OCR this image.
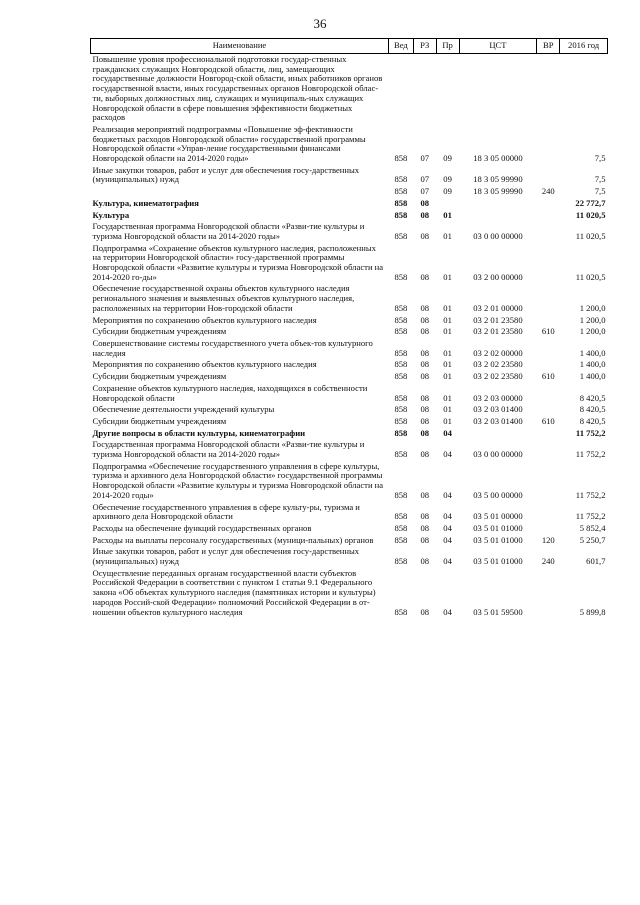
36
Наименование	Вед	РЗ	Пр	ЦСТ	ВР	2016 год
Повышение уровня профессиональной подготовки государ-ственных гражданских служащих Новгородской области, лиц, замещающих государственные должности Новгород-ской области, иных работников органов государственной власти, иных государственных органов Новгородской облас-ти, выборных должностных лиц, служащих и муниципаль-ных служащих Новгородской области в сфере повышения эффективности бюджетных расходов						
Реализация мероприятий подпрограммы «Повышение эф-фективности бюджетных расходов Новгородской области» государственной программы Новгородской области «Управ-ление государственными финансами Новгородской области на 2014-2020 годы»	858	07	09	18 3 05 00000		7,5
Иные закупки товаров, работ и услуг для обеспечения госу-дарственных (муниципальных) нужд	858	07	09	18 3 05 99990		7,5
	858	07	09	18 3 05 99990	240	7,5
Культура, кинематография	858	08				22 772,7
Культура	858	08	01			11 020,5
Государственная программа Новгородской области «Разви-тие культуры и туризма Новгородской области на 2014-2020 годы»	858	08	01	03 0 00 00000		11 020,5
Подпрограмма «Сохранение объектов культурного наследия, расположенных на территории Новгородской области» госу-дарственной программы Новгородской области «Развитие культуры и туризма Новгородской области на 2014-2020 го-ды»	858	08	01	03 2 00 00000		11 020,5
Обеспечение государственной охраны объектов культурного наследия регионального значения и выявленных объектов культурного наследия, расположенных на территории Нов-городской области	858	08	01	03 2 01 00000		1 200,0
Мероприятия по сохранению объектов культурного наследия	858	08	01	03 2 01 23580		1 200,0
Субсидии бюджетным учреждениям	858	08	01	03 2 01 23580	610	1 200,0
Совершенствование системы государственного учета объек-тов культурного наследия	858	08	01	03 2 02 00000		1 400,0
Мероприятия по сохранению объектов культурного наследия	858	08	01	03 2 02 23580		1 400,0
Субсидии бюджетным учреждениям	858	08	01	03 2 02 23580	610	1 400,0
Сохранение объектов культурного наследия, находящихся в собственности Новгородской области	858	08	01	03 2 03 00000		8 420,5
Обеспечение деятельности учреждений культуры	858	08	01	03 2 03 01400		8 420,5
Субсидии бюджетным учреждениям	858	08	01	03 2 03 01400	610	8 420,5
Другие вопросы в области культуры, кинематографии	858	08	04			11 752,2
Государственная программа Новгородской области «Разви-тие культуры и туризма Новгородской области на 2014-2020 годы»	858	08	04	03 0 00 00000		11 752,2
Подпрограмма «Обеспечение государственного управления в сфере культуры, туризма и архивного дела Новгородской области» государственной программы Новгородской области «Развитие культуры и туризма Новгородской области на 2014-2020 годы»	858	08	04	03 5 00 00000		11 752,2
Обеспечение государственного управления в сфере культу-ры, туризма и архивного дела Новгородской области	858	08	04	03 5 01 00000		11 752,2
Расходы на обеспечение функций государственных органов	858	08	04	03 5 01 01000		5 852,4
Расходы на выплаты персоналу государственных (муници-пальных) органов	858	08	04	03 5 01 01000	120	5 250,7
Иные закупки товаров, работ и услуг для обеспечения госу-дарственных (муниципальных) нужд	858	08	04	03 5 01 01000	240	601,7
Осуществление переданных органам государственной власти субъектов Российской Федерации в соответствии с пунктом 1 статьи 9.1 Федерального закона «Об объектах культурного наследия (памятниках истории и культуры) народов Россий-ской Федерации» полномочий Российской Федерации в от-ношении объектов культурного наследия	858	08	04	03 5 01 59500		5 899,8
